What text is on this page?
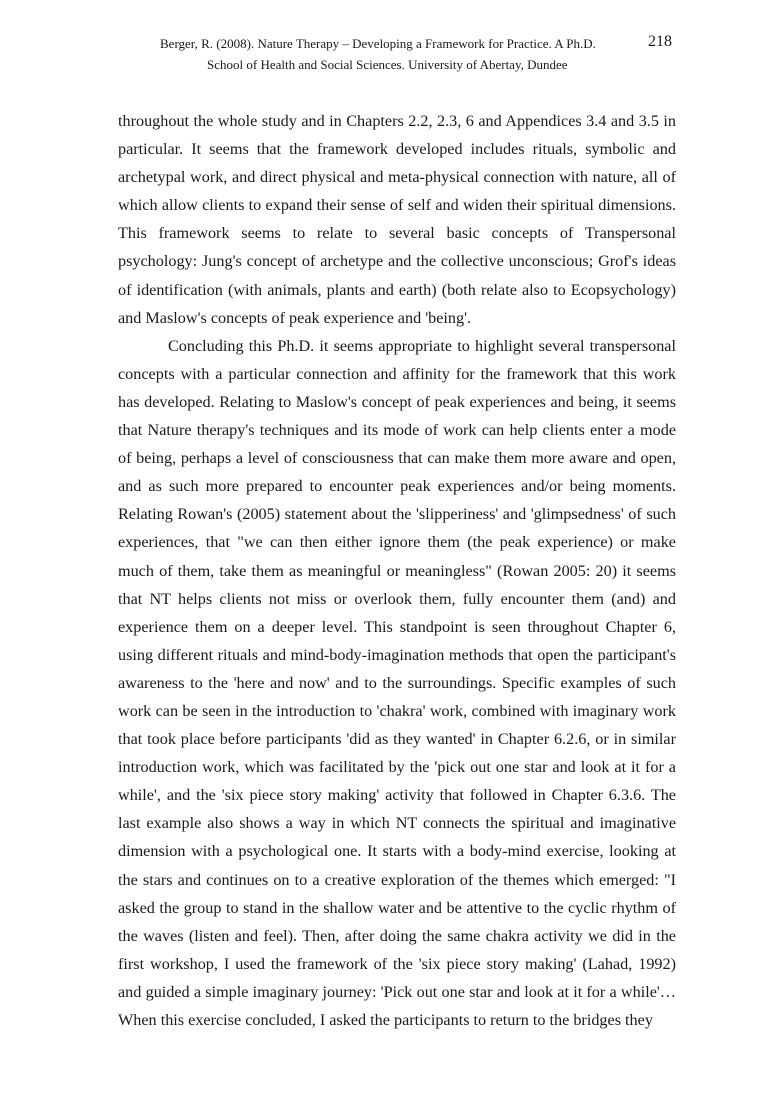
Berger, R. (2008). Nature Therapy – Developing a Framework for Practice. A Ph.D.	218
School of Health and Social Sciences. University of Abertay, Dundee

throughout the whole study and in Chapters 2.2, 2.3, 6 and Appendices 3.4 and 3.5 in particular. It seems that the framework developed includes rituals, symbolic and archetypal work, and direct physical and meta-physical connection with nature, all of which allow clients to expand their sense of self and widen their spiritual dimensions. This framework seems to relate to several basic concepts of Transpersonal psychology: Jung's concept of archetype and the collective unconscious; Grof's ideas of identification (with animals, plants and earth) (both relate also to Ecopsychology) and Maslow's concepts of peak experience and 'being'.

Concluding this Ph.D. it seems appropriate to highlight several transpersonal concepts with a particular connection and affinity for the framework that this work has developed. Relating to Maslow's concept of peak experiences and being, it seems that Nature therapy's techniques and its mode of work can help clients enter a mode of being, perhaps a level of consciousness that can make them more aware and open, and as such more prepared to encounter peak experiences and/or being moments. Relating Rowan's (2005) statement about the 'slipperiness' and 'glimpsedness' of such experiences, that "we can then either ignore them (the peak experience) or make much of them, take them as meaningful or meaningless" (Rowan 2005: 20) it seems that NT helps clients not miss or overlook them, fully encounter them (and) and experience them on a deeper level. This standpoint is seen throughout Chapter 6, using different rituals and mind-body-imagination methods that open the participant's awareness to the 'here and now' and to the surroundings. Specific examples of such work can be seen in the introduction to 'chakra' work, combined with imaginary work that took place before participants 'did as they wanted' in Chapter 6.2.6, or in similar introduction work, which was facilitated by the 'pick out one star and look at it for a while', and the 'six piece story making' activity that followed in Chapter 6.3.6. The last example also shows a way in which NT connects the spiritual and imaginative dimension with a psychological one. It starts with a body-mind exercise, looking at the stars and continues on to a creative exploration of the themes which emerged: "I asked the group to stand in the shallow water and be attentive to the cyclic rhythm of the waves (listen and feel). Then, after doing the same chakra activity we did in the first workshop, I used the framework of the 'six piece story making' (Lahad, 1992) and guided a simple imaginary journey: 'Pick out one star and look at it for a while'… When this exercise concluded, I asked the participants to return to the bridges they
